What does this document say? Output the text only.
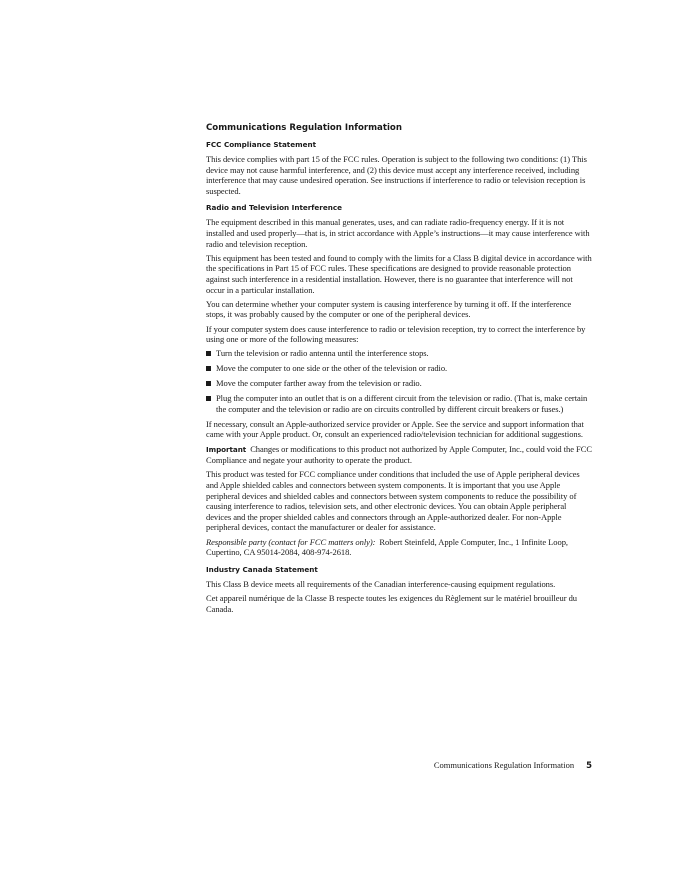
Communications Regulation Information
FCC Compliance Statement

This device complies with part 15 of the FCC rules. Operation is subject to the following two conditions: (1) This device may not cause harmful interference, and (2) this device must accept any interference received, including interference that may cause undesired operation. See instructions if interference to radio or television reception is suspected.

Radio and Television Interference

The equipment described in this manual generates, uses, and can radiate radio-frequency energy. If it is not installed and used properly—that is, in strict accordance with Apple’s instructions—it may cause interference with radio and television reception.

This equipment has been tested and found to comply with the limits for a Class B digital device in accordance with the specifications in Part 15 of FCC rules. These specifications are designed to provide reasonable protection against such interference in a residential installation. However, there is no guarantee that interference will not occur in a particular installation.

You can determine whether your computer system is causing interference by turning it off. If the interference stops, it was probably caused by the computer or one of the peripheral devices.

If your computer system does cause interference to radio or television reception, try to correct the interference by using one or more of the following measures:

Turn the television or radio antenna until the interference stops.
Move the computer to one side or the other of the television or radio.
Move the computer farther away from the television or radio.
Plug the computer into an outlet that is on a different circuit from the television or radio. (That is, make certain the computer and the television or radio are on circuits controlled by different circuit breakers or fuses.)

If necessary, consult an Apple-authorized service provider or Apple. See the service and support information that came with your Apple product. Or, consult an experienced radio/television technician for additional suggestions.

Important Changes or modifications to this product not authorized by Apple Computer, Inc., could void the FCC Compliance and negate your authority to operate the product.

This product was tested for FCC compliance under conditions that included the use of Apple peripheral devices and Apple shielded cables and connectors between system components. It is important that you use Apple peripheral devices and shielded cables and connectors between system components to reduce the possibility of causing interference to radios, television sets, and other electronic devices. You can obtain Apple peripheral devices and the proper shielded cables and connectors through an Apple-authorized dealer. For non-Apple peripheral devices, contact the manufacturer or dealer for assistance.

Responsible party (contact for FCC matters only): Robert Steinfeld, Apple Computer, Inc., 1 Infinite Loop, Cupertino, CA 95014-2084, 408-974-2618.

Industry Canada Statement

This Class B device meets all requirements of the Canadian interference-causing equipment regulations.

Cet appareil numérique de la Classe B respecte toutes les exigences du Règlement sur le matériel brouilleur du Canada.

Communications Regulation Information 5
